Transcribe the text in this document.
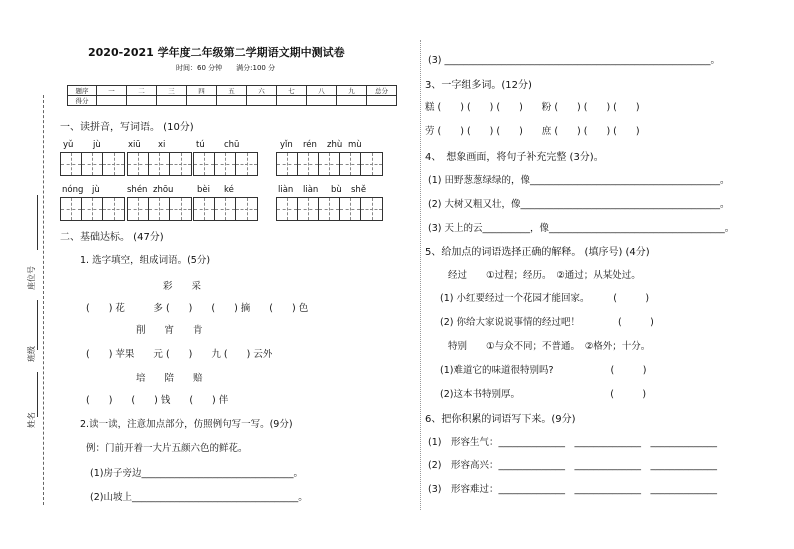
座位号
班级
姓名
2020-2021 学年度二年级第二学期语文期中测试卷
时间：60 分钟　　满分:100 分
题序	一	二	三	四	五	六	七	八	九	总分
得分										
一、读拼音，写词语。 (10分)
yǔ jù	xiū xi	tú chū	yǐn rén zhù mù
nóng jù	shén zhōu	bèi ké	liàn liàn bù shě
二、基础达标。 (47分)
1. 选字填空，组成词语。(5分)
彩　　采
(　　) 花　　　多 (　　)　　(　　) 摘　　(　　) 色
削　　宵　　肯
(　　) 苹果　　元 (　　)　　九 (　　) 云外
培　　陪　　赔
(　　)　　(　　) 钱　　(　　) 伴
2.读一读，注意加点部分，仿照例句写一写。(9分)
例：门前开着一大片五颜六色的鲜花。
(1)房子旁边________________________________。
(2)山坡上___________________________________。
(3) ________________________________________________________。
3、一字组多词。(12分)
糕 (　　) (　　) (　　)　　粉 (　　) (　　) (　　)
劳 (　　) (　　) (　　)　　庶 (　　) (　　) (　　)
4、　想象画面，将句子补充完整 (3分)。
(1) 田野葱葱绿绿的，像________________________________________。
(2) 大树又粗又壮，像__________________________________________。
(3) 天上的云__________，像_____________________________________。
5、给加点的词语选择正确的解释。 (填序号) (4分)
经过　　①过程；经历。　②通过；从某处过。
(1) 小红要经过一个花园才能回家。　　　(　　　)
(2) 你给大家说说事情的经过吧！　　　　(　　　)
特别　　①与众不同；不普通。　②格外；十分。
(1)难道它的味道很特别吗?　　　　　　(　　　)
(2)这本书特别厚。　　　　　　　　　　(　　　)
6、把你积累的词语写下来。(9分)
(1)　形容生气：______________　______________　______________
(2)　形容高兴：______________　______________　______________
(3)　形容难过：______________　______________　______________
